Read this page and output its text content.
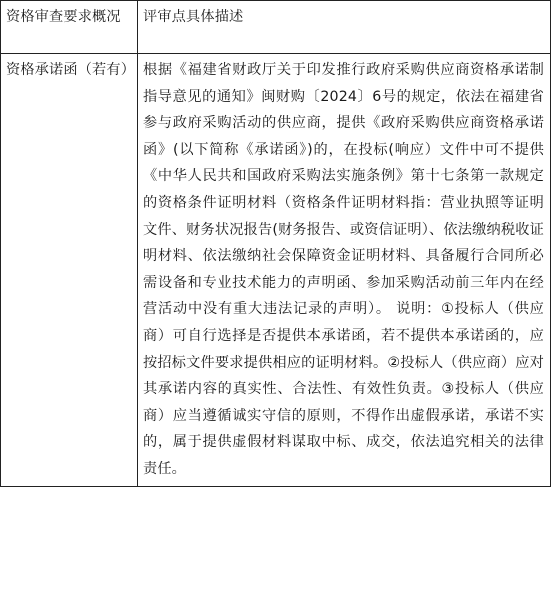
资格审查要求概况	评审点具体描述

资格承诺函（若有）	根据《福建省财政厅关于印发推行政府采购供应商资格承诺制指导意见的通知》闽财购〔2024〕6号的规定，依法在福建省参与政府采购活动的供应商，提供《政府采购供应商资格承诺函》(以下简称《承诺函》)的，在投标(响应）文件中可不提供《中华人民共和国政府采购法实施条例》第十七条第一款规定的资格条件证明材料（资格条件证明材料指：营业执照等证明文件、财务状况报告(财务报告、或资信证明）、依法缴纳税收证明材料、依法缴纳社会保障资金证明材料、具备履行合同所必需设备和专业技术能力的声明函、参加采购活动前三年内在经营活动中没有重大违法记录的声明）。 说明：①投标人（供应商）可自行选择是否提供本承诺函，若不提供本承诺函的，应按招标文件要求提供相应的证明材料。②投标人（供应商）应对其承诺内容的真实性、合法性、有效性负责。③投标人（供应商）应当遵循诚实守信的原则，不得作出虚假承诺，承诺不实的，属于提供虚假材料谋取中标、成交，依法追究相关的法律责任。
